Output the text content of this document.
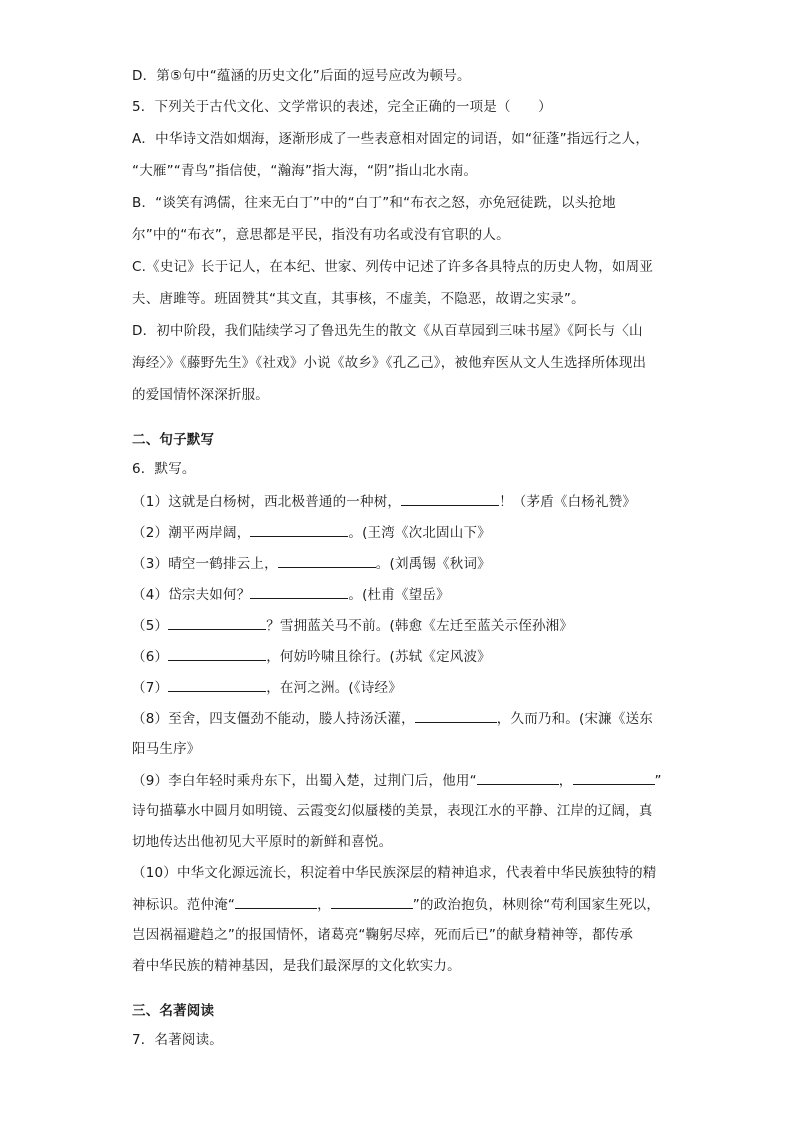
D．第⑤句中“蕴涵的历史文化”后面的逗号应改为顿号。
5．下列关于古代文化、文学常识的表述，完全正确的一项是（　　）
A．中华诗文浩如烟海，逐渐形成了一些表意相对固定的词语，如“征蓬”指远行之人，
“大雁”“青鸟”指信使，“瀚海”指大海，“阴”指山北水南。
B．“谈笑有鸿儒，往来无白丁”中的“白丁”和“布衣之怒，亦免冠徒跣，以头抢地
尔”中的“布衣”，意思都是平民，指没有功名或没有官职的人。
C.《史记》长于记人，在本纪、世家、列传中记述了许多各具特点的历史人物，如周亚
夫、唐雎等。班固赞其“其文直，其事核，不虚美，不隐恶，故谓之实录”。
D．初中阶段，我们陆续学习了鲁迅先生的散文《从百草园到三味书屋》《阿长与〈山
海经〉》《藤野先生》《社戏》小说《故乡》《孔乙己》，被他弃医从文人生选择所体现出
的爱国情怀深深折服。
二、句子默写
6．默写。
（1）这就是白杨树，西北极普通的一种树，	！（茅盾《白杨礼赞》
（2）潮平两岸阔，	。(王湾《次北固山下》
（3）晴空一鹤排云上，	。(刘禹锡《秋词》
（4）岱宗夫如何？	。(杜甫《望岳》
（5）	？雪拥蓝关马不前。(韩愈《左迁至蓝关示侄孙湘》
（6）	，何妨吟啸且徐行。(苏轼《定风波》
（7）	，在河之洲。(《诗经》
（8）至舍，四支僵劲不能动，媵人持汤沃灌，	，久而乃和。(宋濂《送东
阳马生序》
（9）李白年轻时乘舟东下，出蜀入楚，过荆门后，他用“	，	”
诗句描摹水中圆月如明镜、云霞变幻似蜃楼的美景，表现江水的平静、江岸的辽阔，真
切地传达出他初见大平原时的新鲜和喜悦。
（10）中华文化源远流长，积淀着中华民族深层的精神追求，代表着中华民族独特的精
神标识。范仲淹“	，	”的政治抱负，林则徐“苟利国家生死以，
岂因祸福避趋之”的报国情怀，诸葛亮“鞠躬尽瘁，死而后已”的献身精神等，都传承
着中华民族的精神基因，是我们最深厚的文化软实力。
三、名著阅读
7．名著阅读。
